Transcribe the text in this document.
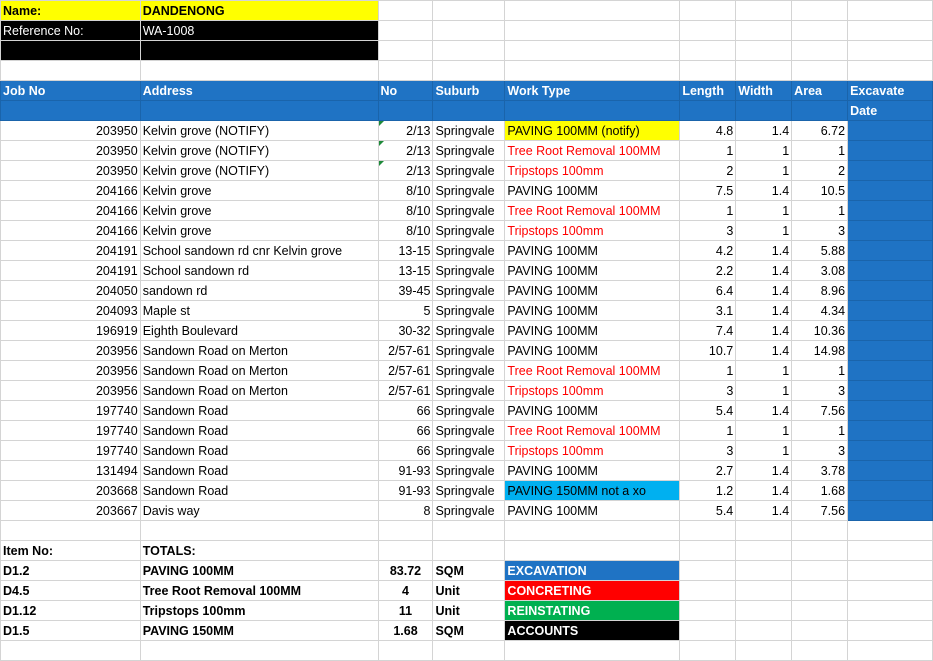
Name:	DANDENONG							
Reference No:	WA-1008							

Job No	Address	No	Suburb	Work Type	Length	Width	Area	Excavate
								Date
203950	Kelvin grove (NOTIFY)	2/13	Springvale	PAVING 100MM (notify)	4.8	1.4	6.72	
203950	Kelvin grove (NOTIFY)	2/13	Springvale	Tree Root Removal 100MM	1	1	1	
203950	Kelvin grove (NOTIFY)	2/13	Springvale	Tripstops 100mm	2	1	2	
204166	Kelvin grove	8/10	Springvale	PAVING 100MM	7.5	1.4	10.5	
204166	Kelvin grove	8/10	Springvale	Tree Root Removal 100MM	1	1	1	
204166	Kelvin grove	8/10	Springvale	Tripstops 100mm	3	1	3	
204191	School sandown rd cnr Kelvin grove	13-15	Springvale	PAVING 100MM	4.2	1.4	5.88	
204191	School sandown rd	13-15	Springvale	PAVING 100MM	2.2	1.4	3.08	
204050	sandown rd	39-45	Springvale	PAVING 100MM	6.4	1.4	8.96	
204093	Maple st	5	Springvale	PAVING 100MM	3.1	1.4	4.34	
196919	Eighth Boulevard	30-32	Springvale	PAVING 100MM	7.4	1.4	10.36	
203956	Sandown Road on Merton	2/57-61	Springvale	PAVING 100MM	10.7	1.4	14.98	
203956	Sandown Road on Merton	2/57-61	Springvale	Tree Root Removal 100MM	1	1	1	
203956	Sandown Road on Merton	2/57-61	Springvale	Tripstops 100mm	3	1	3	
197740	Sandown Road	66	Springvale	PAVING 100MM	5.4	1.4	7.56	
197740	Sandown Road	66	Springvale	Tree Root Removal 100MM	1	1	1	
197740	Sandown Road	66	Springvale	Tripstops 100mm	3	1	3	
131494	Sandown Road	91-93	Springvale	PAVING 100MM	2.7	1.4	3.78	
203668	Sandown Road	91-93	Springvale	PAVING 150MM not a xo	1.2	1.4	1.68	
203667	Davis way	8	Springvale	PAVING 100MM	5.4	1.4	7.56	

Item No:	TOTALS:							
D1.2	PAVING 100MM	83.72	SQM	EXCAVATION				
D4.5	Tree Root Removal 100MM	4	Unit	CONCRETING				
D1.12	Tripstops 100mm	11	Unit	REINSTATING				
D1.5	PAVING 150MM	1.68	SQM	ACCOUNTS				
